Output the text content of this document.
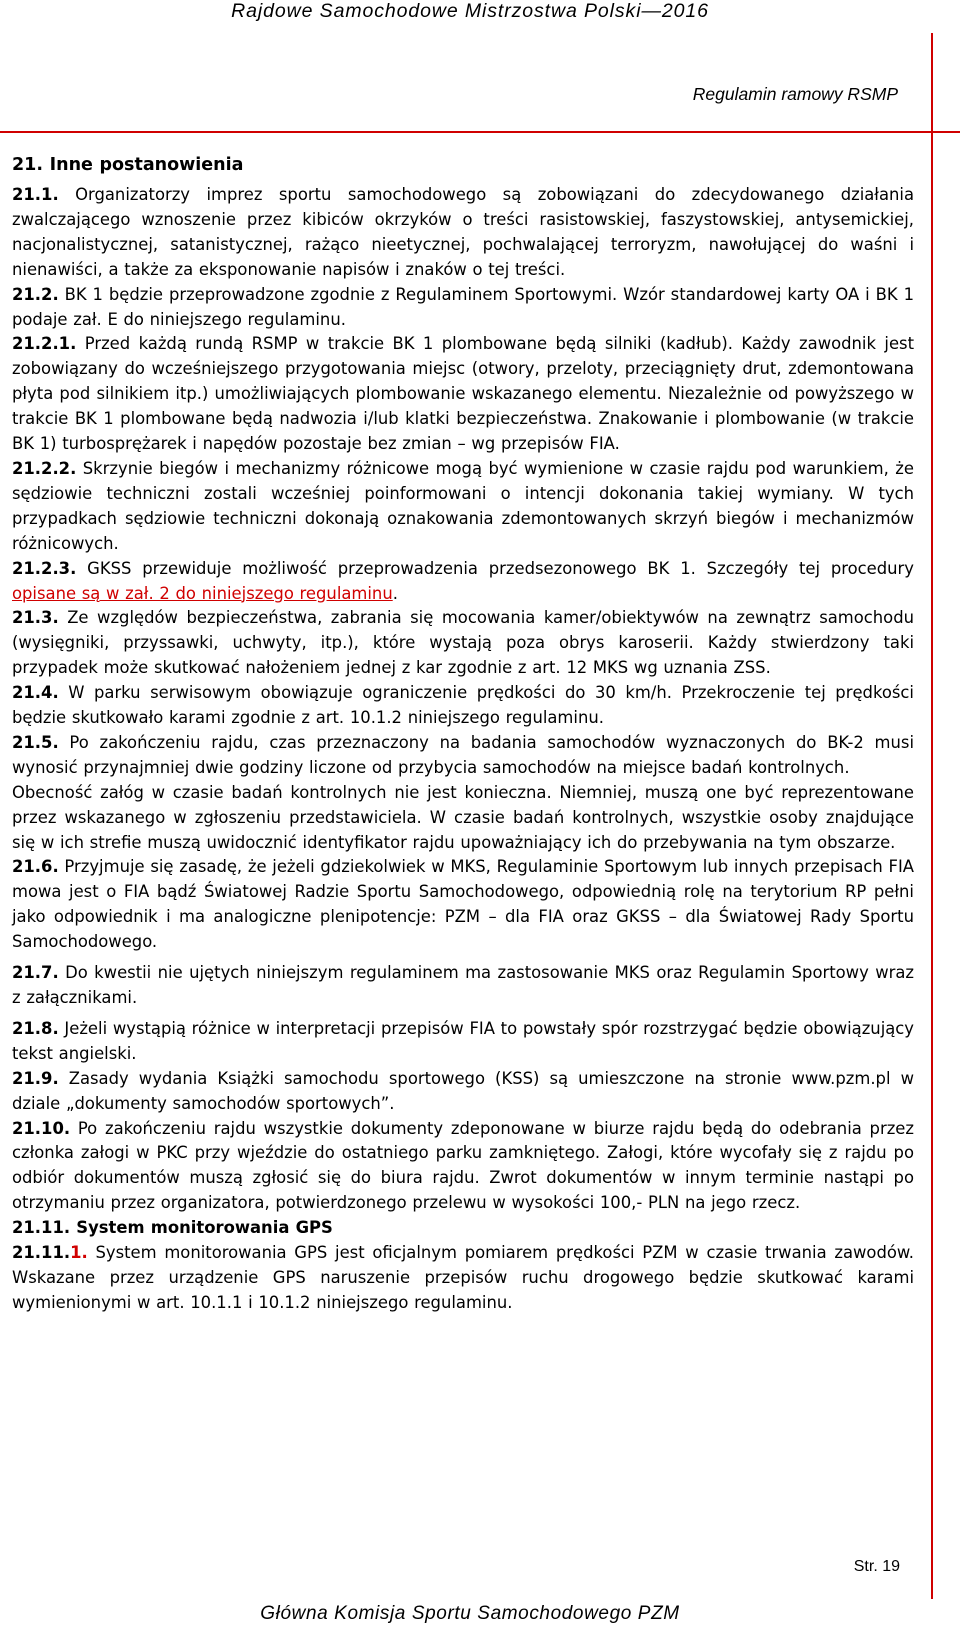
Rajdowe Samochodowe Mistrzostwa Polski—2016
Regulamin ramowy RSMP

21. Inne postanowienia

21.1. Organizatorzy imprez sportu samochodowego są zobowiązani do zdecydowanego działania zwalczającego wznoszenie przez kibiców okrzyków o treści rasistowskiej, faszystowskiej, antysemickiej, nacjonalistycznej, satanistycznej, rażąco nieetycznej, pochwalającej terroryzm, nawołującej do waśni i nienawiści, a także za eksponowanie napisów i znaków o tej treści.

21.2. BK 1 będzie przeprowadzone zgodnie z Regulaminem Sportowymi. Wzór standardowej karty OA i BK 1 podaje zał. E do niniejszego regulaminu.

21.2.1. Przed każdą rundą RSMP w trakcie BK 1 plombowane będą silniki (kadłub). Każdy zawodnik jest zobowiązany do wcześniejszego przygotowania miejsc (otwory, przeloty, przeciągnięty drut, zdemontowana płyta pod silnikiem itp.) umożliwiających plombowanie wskazanego elementu. Niezależnie od powyższego w trakcie BK 1 plombowane będą nadwozia i/lub klatki bezpieczeństwa. Znakowanie i plombowanie (w trakcie BK 1) turbosprężarek i napędów pozostaje bez zmian – wg przepisów FIA.

21.2.2. Skrzynie biegów i mechanizmy różnicowe mogą być wymienione w czasie rajdu pod warunkiem, że sędziowie techniczni zostali wcześniej poinformowani o intencji dokonania takiej wymiany. W tych przypadkach sędziowie techniczni dokonają oznakowania zdemontowanych skrzyń biegów i mechanizmów różnicowych.

21.2.3. GKSS przewiduje możliwość przeprowadzenia przedsezonowego BK 1. Szczegóły tej procedury opisane są w zał. 2 do niniejszego regulaminu.

21.3. Ze względów bezpieczeństwa, zabrania się mocowania kamer/obiektywów na zewnątrz samochodu (wysięgniki, przyssawki, uchwyty, itp.), które wystają poza obrys karoserii. Każdy stwierdzony taki przypadek może skutkować nałożeniem jednej z kar zgodnie z art. 12 MKS wg uznania ZSS.

21.4. W parku serwisowym obowiązuje ograniczenie prędkości do 30 km/h. Przekroczenie tej prędkości będzie skutkowało karami zgodnie z art. 10.1.2 niniejszego regulaminu.

21.5. Po zakończeniu rajdu, czas przeznaczony na badania samochodów wyznaczonych do BK-2 musi wynosić przynajmniej dwie godziny liczone od przybycia samochodów na miejsce badań kontrolnych.

Obecność załóg w czasie badań kontrolnych nie jest konieczna. Niemniej, muszą one być reprezentowane przez wskazanego w zgłoszeniu przedstawiciela. W czasie badań kontrolnych, wszystkie osoby znajdujące się w ich strefie muszą uwidocznić identyfikator rajdu upoważniający ich do przebywania na tym obszarze.

21.6. Przyjmuje się zasadę, że jeżeli gdziekolwiek w MKS, Regulaminie Sportowym lub innych przepisach FIA mowa jest o FIA bądź Światowej Radzie Sportu Samochodowego, odpowiednią rolę na terytorium RP pełni jako odpowiednik i ma analogiczne plenipotencje: PZM – dla FIA oraz GKSS – dla Światowej Rady Sportu Samochodowego.

21.7. Do kwestii nie ujętych niniejszym regulaminem ma zastosowanie MKS oraz Regulamin Sportowy wraz z załącznikami.

21.8. Jeżeli wystąpią różnice w interpretacji przepisów FIA to powstały spór rozstrzygać będzie obowiązujący tekst angielski.

21.9. Zasady wydania Książki samochodu sportowego (KSS) są umieszczone na stronie www.pzm.pl w dziale „dokumenty samochodów sportowych”.

21.10. Po zakończeniu rajdu wszystkie dokumenty zdeponowane w biurze rajdu będą do odebrania przez członka załogi w PKC przy wjeździe do ostatniego parku zamkniętego. Załogi, które wycofały się z rajdu po odbiór dokumentów muszą zgłosić się do biura rajdu. Zwrot dokumentów w innym terminie nastąpi po otrzymaniu przez organizatora, potwierdzonego przelewu w wysokości 100,- PLN na jego rzecz.

21.11. System monitorowania GPS

21.11.1. System monitorowania GPS jest oficjalnym pomiarem prędkości PZM w czasie trwania zawodów. Wskazane przez urządzenie GPS naruszenie przepisów ruchu drogowego będzie skutkować karami wymienionymi w art. 10.1.1 i 10.1.2 niniejszego regulaminu.

Str. 19
Główna Komisja Sportu Samochodowego PZM
